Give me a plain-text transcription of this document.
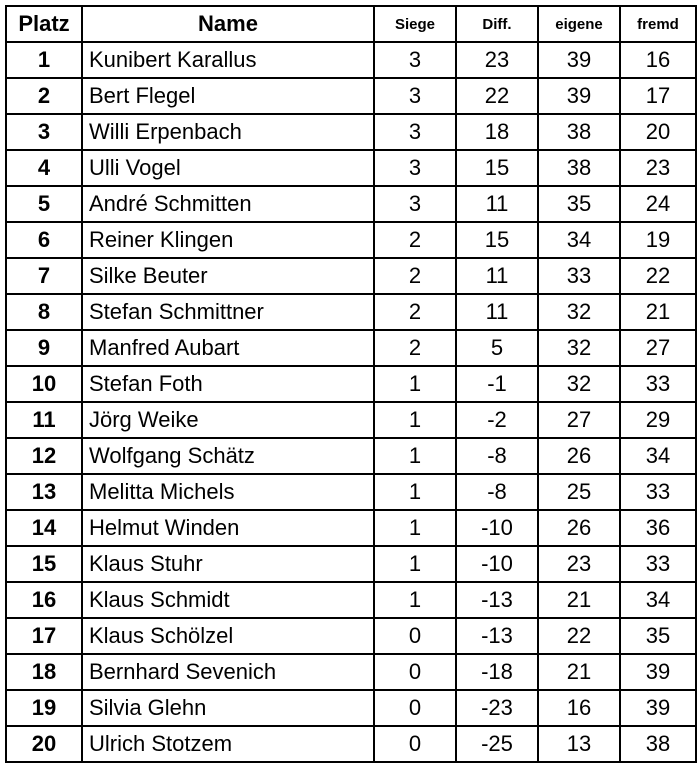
Platz	Name	Siege	Diff.	eigene	fremd
1	Kunibert Karallus	3	23	39	16
2	Bert Flegel	3	22	39	17
3	Willi Erpenbach	3	18	38	20
4	Ulli Vogel	3	15	38	23
5	André Schmitten	3	11	35	24
6	Reiner Klingen	2	15	34	19
7	Silke Beuter	2	11	33	22
8	Stefan Schmittner	2	11	32	21
9	Manfred Aubart	2	5	32	27
10	Stefan Foth	1	-1	32	33
11	Jörg Weike	1	-2	27	29
12	Wolfgang Schätz	1	-8	26	34
13	Melitta Michels	1	-8	25	33
14	Helmut Winden	1	-10	26	36
15	Klaus Stuhr	1	-10	23	33
16	Klaus Schmidt	1	-13	21	34
17	Klaus Schölzel	0	-13	22	35
18	Bernhard Sevenich	0	-18	21	39
19	Silvia Glehn	0	-23	16	39
20	Ulrich Stotzem	0	-25	13	38
